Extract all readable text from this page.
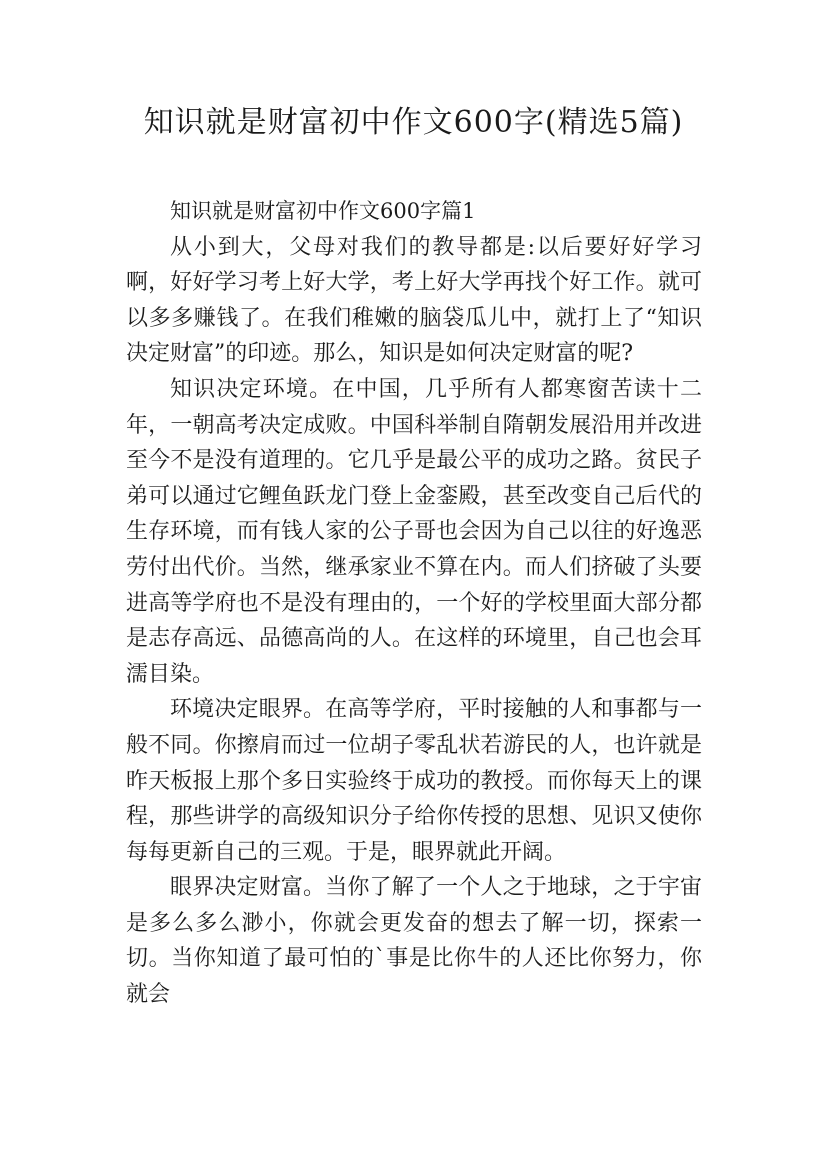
知识就是财富初中作文600字(精选5篇)

知识就是财富初中作文600字篇1

从小到大，父母对我们的教导都是:以后要好好学习啊，好好学习考上好大学，考上好大学再找个好工作。就可以多多赚钱了。在我们稚嫩的脑袋瓜儿中，就打上了“知识决定财富”的印迹。那么，知识是如何决定财富的呢?

知识决定环境。在中国，几乎所有人都寒窗苦读十二年，一朝高考决定成败。中国科举制自隋朝发展沿用并改进至今不是没有道理的。它几乎是最公平的成功之路。贫民子弟可以通过它鲤鱼跃龙门登上金銮殿，甚至改变自己后代的生存环境，而有钱人家的公子哥也会因为自己以往的好逸恶劳付出代价。当然，继承家业不算在内。而人们挤破了头要进高等学府也不是没有理由的，一个好的学校里面大部分都是志存高远、品德高尚的人。在这样的环境里，自己也会耳濡目染。

环境决定眼界。在高等学府，平时接触的人和事都与一般不同。你擦肩而过一位胡子零乱状若游民的人，也许就是昨天板报上那个多日实验终于成功的教授。而你每天上的课程，那些讲学的高级知识分子给你传授的思想、见识又使你每每更新自己的三观。于是，眼界就此开阔。

眼界决定财富。当你了解了一个人之于地球，之于宇宙是多么多么渺小，你就会更发奋的想去了解一切，探索一切。当你知道了最可怕的`事是比你牛的人还比你努力，你就会
